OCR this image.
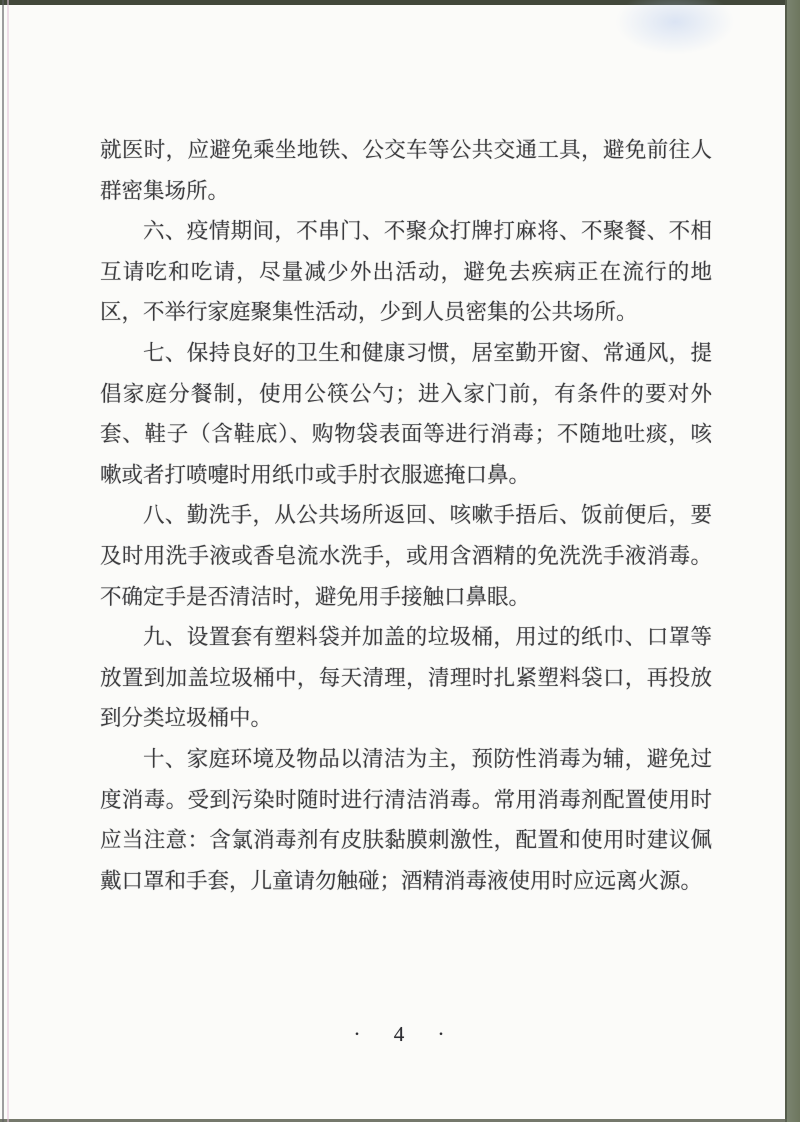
就医时，应避免乘坐地铁、公交车等公共交通工具，避免前往人群密集场所。

六、疫情期间，不串门、不聚众打牌打麻将、不聚餐、不相互请吃和吃请，尽量减少外出活动，避免去疾病正在流行的地区，不举行家庭聚集性活动，少到人员密集的公共场所。

七、保持良好的卫生和健康习惯，居室勤开窗、常通风，提倡家庭分餐制，使用公筷公勺；进入家门前，有条件的要对外套、鞋子（含鞋底）、购物袋表面等进行消毒；不随地吐痰，咳嗽或者打喷嚏时用纸巾或手肘衣服遮掩口鼻。

八、勤洗手，从公共场所返回、咳嗽手捂后、饭前便后，要及时用洗手液或香皂流水洗手，或用含酒精的免洗洗手液消毒。不确定手是否清洁时，避免用手接触口鼻眼。

九、设置套有塑料袋并加盖的垃圾桶，用过的纸巾、口罩等放置到加盖垃圾桶中，每天清理，清理时扎紧塑料袋口，再投放到分类垃圾桶中。

十、家庭环境及物品以清洁为主，预防性消毒为辅，避免过度消毒。受到污染时随时进行清洁消毒。常用消毒剂配置使用时应当注意：含氯消毒剂有皮肤黏膜刺激性，配置和使用时建议佩戴口罩和手套，儿童请勿触碰；酒精消毒液使用时应远离火源。

· 4 ·
